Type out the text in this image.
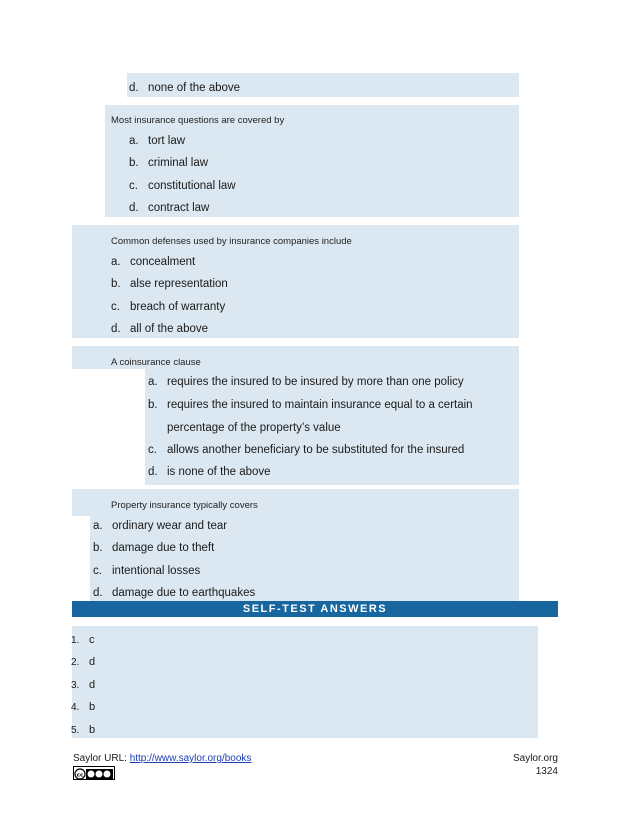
d. none of the above
Most insurance questions are covered by
a. tort law
b. criminal law
c. constitutional law
d. contract law
Common defenses used by insurance companies include
a. concealment
b. alse representation
c. breach of warranty
d. all of the above
A coinsurance clause
a. requires the insured to be insured by more than one policy
b. requires the insured to maintain insurance equal to a certain
percentage of the property’s value
c. allows another beneficiary to be substituted for the insured
d. is none of the above
Property insurance typically covers
a. ordinary wear and tear
b. damage due to theft
c. intentional losses
d. damage due to earthquakes
SELF-TEST ANSWERS
1. c
2. d
3. d
4. b
5. b
Saylor URL: http://www.saylor.org/books
cc
Saylor.org
1324
